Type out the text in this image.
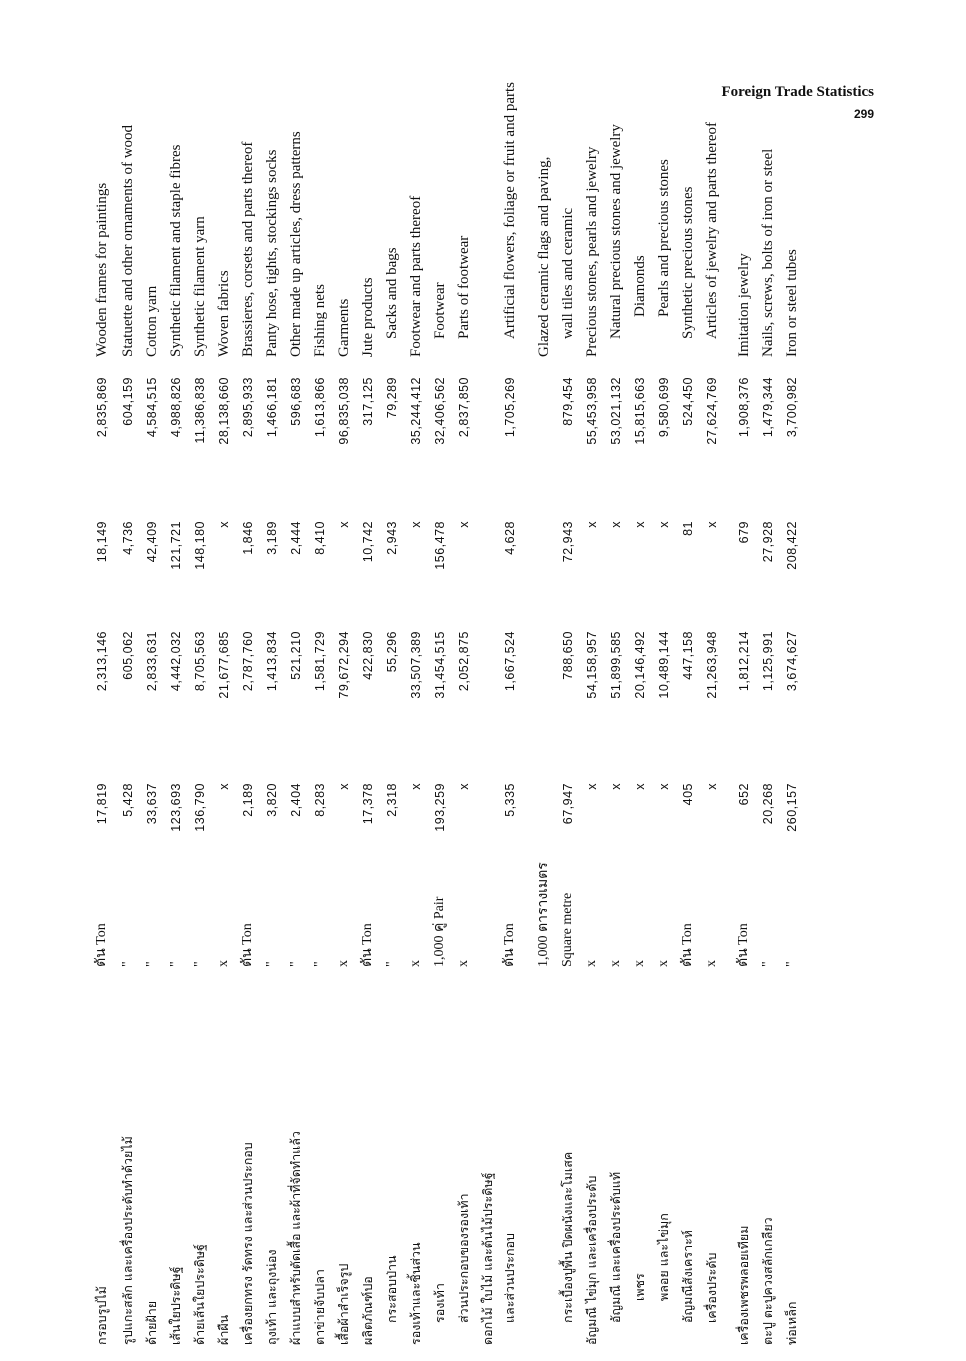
Foreign Trade Statistics
299
กรอบรูปไม้
ตัน Ton
17,819
2,313,146
18,149
2,835,869
Wooden frames for paintings
รูปแกะสลัก และเครื่องประดับทำด้วยไม้
"
5,428
605,062
4,736
604,159
Statuette and other ornaments of wood
ด้ายฝ้าย
"
33,637
2,833,631
42,409
4,584,515
Cotton yarn
เส้นใยประดิษฐ์
"
123,693
4,442,032
121,721
4,988,826
Synthetic filament and staple fibres
ด้ายเส้นใยประดิษฐ์
"
136,790
8,705,563
148,180
11,386,838
Synthetic filament yarn
ผ้าผืน
x
x
21,677,685
x
28,138,660
Woven fabrics
เครื่องยกทรง รัดทรง และส่วนประกอบ
ตัน Ton
2,189
2,787,760
1,846
2,895,933
Brassieres, corsets and parts thereof
ถุงเท้า และถุงน่อง
"
3,820
1,413,834
3,189
1,466,181
Panty hose, tights, stockings socks
ผ้าแบบสำหรับตัดเสื้อ และผ้าที่จัดทำแล้ว
"
2,404
521,210
2,444
596,683
Other made up articles, dress patterns
ตาข่ายจับปลา
"
8,283
1,581,729
8,410
1,613,866
Fishing nets
เสื้อผ้าสำเร็จรูป
x
x
79,672,294
x
96,835,038
Garments
ผลิตภัณฑ์ปอ
ตัน Ton
17,378
422,830
10,742
317,125
Jute products
กระสอบป่าน
"
2,318
55,296
2,943
79,289
Sacks and bags
รองเท้าและชิ้นส่วน
x
x
33,507,389
x
35,244,412
Footwear and parts thereof
รองเท้า
1,000 คู่ Pair
193,259
31,454,515
156,478
32,406,562
Footwear
ส่วนประกอบของรองเท้า
x
x
2,052,875
x
2,837,850
Parts of footwear
ดอกไม้ ใบไม้ และต้นไม้ประดิษฐ์ และส่วนประกอบ
ตัน Ton
5,335
1,667,524
4,628
1,705,269
Artificial flowers, foliage or fruit and parts
1,000 ตารางเมตร
Glazed ceramic flags and paving,
กระเบื้องปูพื้น ปิดผนังและโมเสค
Square metre
67,947
788,650
72,943
879,454
wall tiles and ceramic
อัญมณี ไข่มุก และเครื่องประดับ
x
x
54,158,957
x
55,453,958
Precious stones, pearls and jewelry
อัญมณี และเครื่องประดับแท้
x
x
51,899,585
x
53,021,132
Natural precious stones and jewelry
เพชร
x
x
20,146,492
x
15,815,663
Diamonds
พลอย และไข่มุก
x
x
10,489,144
x
9,580,699
Pearls and precious stones
อัญมณีสังเคราะห์
ตัน Ton
405
447,158
81
524,450
Synthetic precious stones
เครื่องประดับ
x
x
21,263,948
x
27,624,769
Articles of jewelry and parts thereof
เครื่องเพชรพลอยเทียม
ตัน Ton
652
1,812,214
679
1,908,376
Imitation jewelry
ตะปู ตะปูควงสลักเกลียว
"
20,268
1,125,991
27,928
1,479,344
Nails, screws, bolts of iron or steel
ท่อเหล็ก
"
260,157
3,674,627
208,422
3,700,982
Iron or steel tubes
